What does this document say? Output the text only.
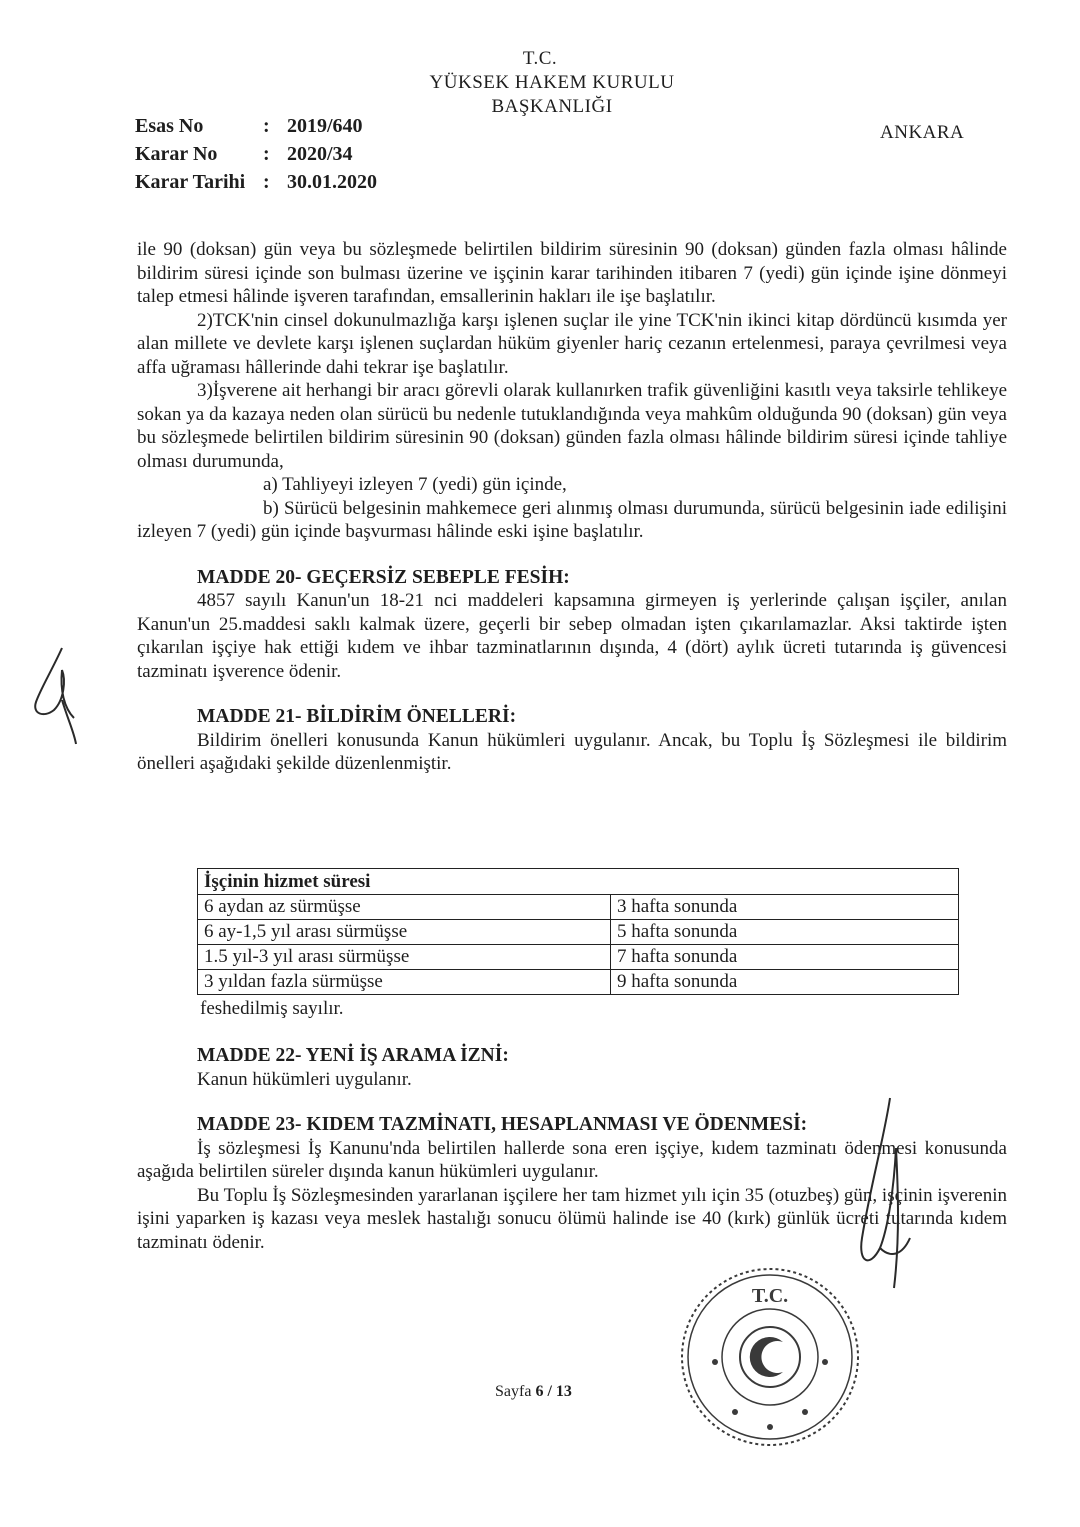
T.C.
YÜKSEK HAKEM KURULU
BAŞKANLIĞI
ANKARA
Esas No	: 2019/640
Karar No	: 2020/34
Karar Tarihi : 30.01.2020

ile 90 (doksan) gün veya bu sözleşmede belirtilen bildirim süresinin 90 (doksan) günden fazla olması hâlinde bildirim süresi içinde son bulması üzerine ve işçinin karar tarihinden itibaren 7 (yedi) gün içinde işine dönmeyi talep etmesi hâlinde işveren tarafından, emsallerinin hakları ile işe başlatılır.

2)TCK'nin cinsel dokunulmazlığa karşı işlenen suçlar ile yine TCK'nin ikinci kitap dördüncü kısımda yer alan millete ve devlete karşı işlenen suçlardan hüküm giyenler hariç cezanın ertelenmesi, paraya çevrilmesi veya affa uğraması hâllerinde dahi tekrar işe başlatılır.

3)İşverene ait herhangi bir aracı görevli olarak kullanırken trafik güvenliğini kasıtlı veya taksirle tehlikeye sokan ya da kazaya neden olan sürücü bu nedenle tutuklandığında veya mahkûm olduğunda 90 (doksan) gün veya bu sözleşmede belirtilen bildirim süresinin 90 (doksan) günden fazla olması hâlinde bildirim süresi içinde tahliye olması durumunda,

a) Tahliyeyi izleyen 7 (yedi) gün içinde,

b) Sürücü belgesinin mahkemece geri alınmış olması durumunda, sürücü belgesinin iade edilişini izleyen 7 (yedi) gün içinde başvurması hâlinde eski işine başlatılır.

MADDE 20- GEÇERSİZ SEBEPLE FESİH:

4857 sayılı Kanun'un 18-21 nci maddeleri kapsamına girmeyen iş yerlerinde çalışan işçiler, anılan Kanun'un 25.maddesi saklı kalmak üzere, geçerli bir sebep olmadan işten çıkarılamazlar. Aksi taktirde işten çıkarılan işçiye hak ettiği kıdem ve ihbar tazminatlarının dışında, 4 (dört) aylık ücreti tutarında iş güvencesi tazminatı işverence ödenir.

MADDE 21- BİLDİRİM ÖNELLERİ:

Bildirim önelleri konusunda Kanun hükümleri uygulanır. Ancak, bu Toplu İş Sözleşmesi ile bildirim önelleri aşağıdaki şekilde düzenlenmiştir.

İşçinin hizmet süresi	
6 aydan az sürmüşse	3 hafta sonunda
6 ay-1,5 yıl arası sürmüşse	5 hafta sonunda
1.5 yıl-3 yıl arası sürmüşse	7 hafta sonunda
3 yıldan fazla sürmüşse	9 hafta sonunda
feshedilmiş sayılır.

MADDE 22- YENİ İŞ ARAMA İZNİ:

Kanun hükümleri uygulanır.

MADDE 23- KIDEM TAZMİNATI, HESAPLANMASI VE ÖDENMESİ:

İş sözleşmesi İş Kanunu'nda belirtilen hallerde sona eren işçiye, kıdem tazminatı ödenmesi konusunda aşağıda belirtilen süreler dışında kanun hükümleri uygulanır.

Bu Toplu İş Sözleşmesinden yararlanan işçilere her tam hizmet yılı için 35 (otuzbeş) gün, işçinin işverenin işini yaparken iş kazası veya meslek hastalığı sonucu ölümü halinde ise 40 (kırk) günlük ücreti tutarında kıdem tazminatı ödenir.

Sayfa 6 / 13
T.C.
